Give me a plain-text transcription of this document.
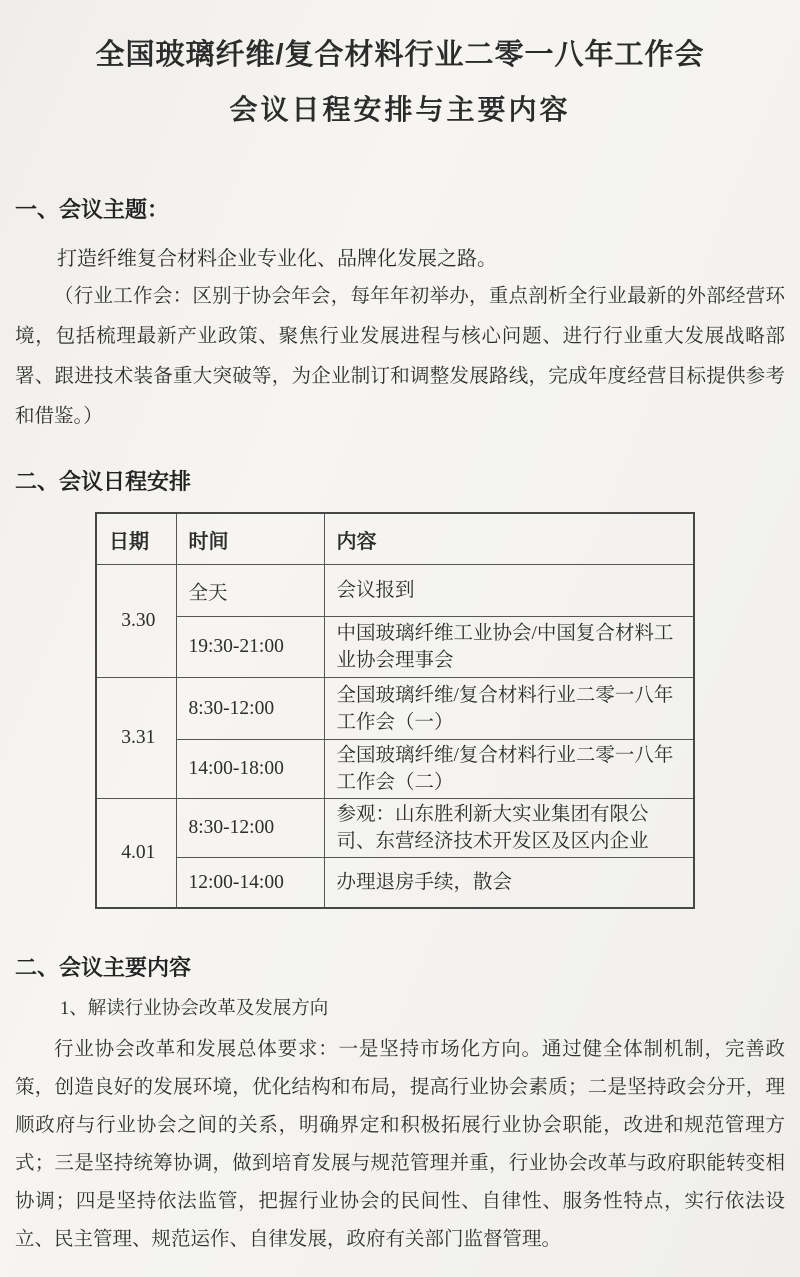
全国玻璃纤维/复合材料行业二零一八年工作会
会议日程安排与主要内容
一、会议主题：
打造纤维复合材料企业专业化、品牌化发展之路。
（行业工作会：区别于协会年会，每年年初举办，重点剖析全行业最新的外部经营环境，包括梳理最新产业政策、聚焦行业发展进程与核心问题、进行行业重大发展战略部署、跟进技术装备重大突破等，为企业制订和调整发展路线，完成年度经营目标提供参考和借鉴。）
二、会议日程安排
日期	时间	内容
3.30	全天	会议报到
	19:30-21:00	中国玻璃纤维工业协会/中国复合材料工业协会理事会
3.31	8:30-12:00	全国玻璃纤维/复合材料行业二零一八年工作会（一）
	14:00-18:00	全国玻璃纤维/复合材料行业二零一八年工作会（二）
4.01	8:30-12:00	参观：山东胜利新大实业集团有限公司、东营经济技术开发区及区内企业
	12:00-14:00	办理退房手续，散会
二、会议主要内容
1、解读行业协会改革及发展方向
行业协会改革和发展总体要求：一是坚持市场化方向。通过健全体制机制，完善政策，创造良好的发展环境，优化结构和布局，提高行业协会素质；二是坚持政会分开，理顺政府与行业协会之间的关系，明确界定和积极拓展行业协会职能，改进和规范管理方式；三是坚持统筹协调，做到培育发展与规范管理并重，行业协会改革与政府职能转变相协调；四是坚持依法监管，把握行业协会的民间性、自律性、服务性特点，实行依法设立、民主管理、规范运作、自律发展，政府有关部门监督管理。
